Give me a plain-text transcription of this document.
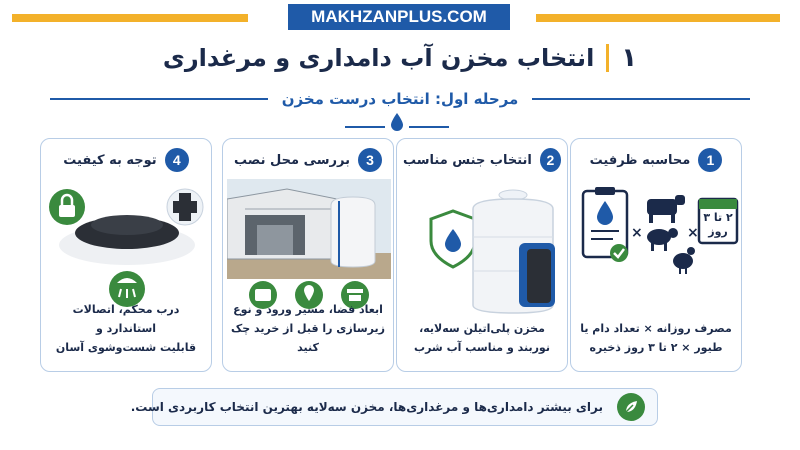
MAKHZANPLUS.COM
۱
انتخاب مخزن آب دامداری و مرغداری
مرحله اول: انتخاب درست مخزن
1
محاسبه ظرفیت
×	×
۲ تا ۳
روز
مصرف روزانه × تعداد دام یا
طیور × ۲ تا ۳ روز ذخیره
2
انتخاب جنس مناسب
مخزن پلی‌اتیلن سه‌لایه،
نوربند و مناسب آب شرب
3
بررسی محل نصب
ابعاد فضا، مسیر ورود و نوع
زیرسازی را قبل از خرید چک کنید
4
توجه به کیفیت
درب محکم، اتصالات استاندارد و
قابلیت شست‌وشوی آسان
برای بیشتر دامداری‌ها و مرغداری‌ها، مخزن سه‌لایه بهترین انتخاب کاربردی است.
